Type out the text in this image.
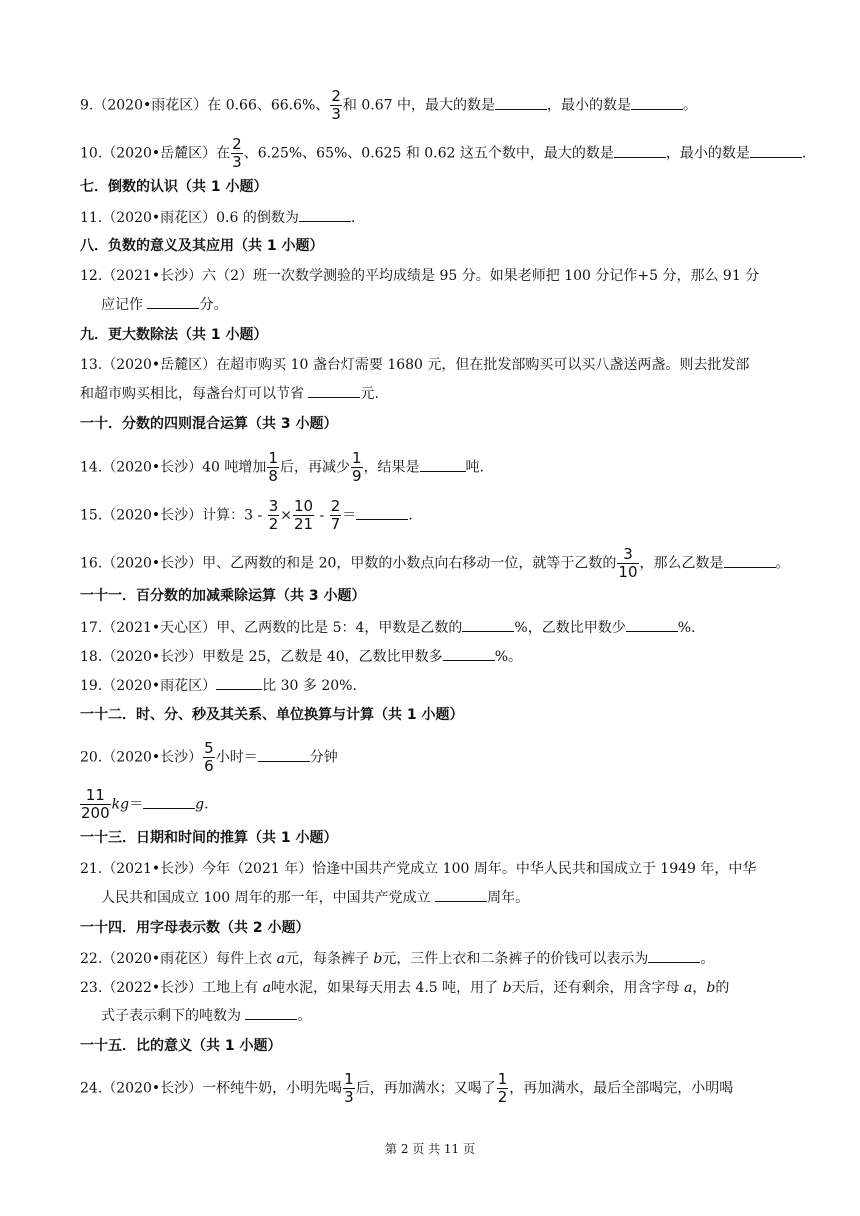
9.（2020•雨花区）在 0.66、66.6%、 $\frac{2}{3}$ 和 0.67 中，最大的数是	，最小的数是	。
10.（2020•岳麓区）在 $\frac{2}{3}$ 、6.25%、65%、0.625 和 0.62 这五个数中，最大的数是	，最小的数是	.
七．倒数的认识（共 1 小题）
11.（2020•雨花区）0.6 的倒数为	.
八．负数的意义及其应用（共 1 小题）
12.（2021•长沙）六（2）班一次数学测验的平均成绩是 95 分。如果老师把 100 分记作+5 分，那么 91 分
应记作	分。
九．更大数除法（共 1 小题）
13.（2020•岳麓区）在超市购买 10 盏台灯需要 1680 元，但在批发部购买可以买八盏送两盏。则去批发部
和超市购买相比，每盏台灯可以节省	元.
一十．分数的四则混合运算（共 3 小题）
14.（2020•长沙）40 吨增加 $\frac{1}{8}$ 后，再减少 $\frac{1}{9}$ ，结果是	吨.
15.（2020•长沙）计算：$3 - \frac{3}{2} \times \frac{10}{21} - \frac{2}{7}$ ＝	.
16.（2020•长沙）甲、乙两数的和是 20，甲数的小数点向右移动一位，就等于乙数的 $\frac{3}{10}$ ，那么乙数是	。
一十一．百分数的加减乘除运算（共 3 小题）
17.（2021•天心区）甲、乙两数的比是 5：4，甲数是乙数的	%，乙数比甲数少	%.
18.（2020•长沙）甲数是 25，乙数是 40，乙数比甲数多	%。
19.（2020•雨花区）	比 30 多 20%.
一十二．时、分、秒及其关系、单位换算与计算（共 1 小题）
20.（2020•长沙） $\frac{5}{6}$ 小时＝	分钟
$\frac{11}{200} kg=$	g.
一十三．日期和时间的推算（共 1 小题）
21.（2021•长沙）今年（2021 年）恰逢中国共产党成立 100 周年。中华人民共和国成立于 1949 年，中华
人民共和国成立 100 周年的那一年，中国共产党成立	周年。
一十四．用字母表示数（共 2 小题）
22.（2020•雨花区）每件上衣 a元，每条裤子 b元，三件上衣和二条裤子的价钱可以表示为	。
23.（2022•长沙）工地上有 a吨水泥，如果每天用去 4.5 吨，用了 b天后，还有剩余，用含字母 a，b的
式子表示剩下的吨数为	。
一十五．比的意义（共 1 小题）
24.（2020•长沙）一杯纯牛奶，小明先喝 $\frac{1}{3}$ 后，再加满水；又喝了 $\frac{1}{2}$ ，再加满水，最后全部喝完，小明喝
第 2 页 共 11 页
